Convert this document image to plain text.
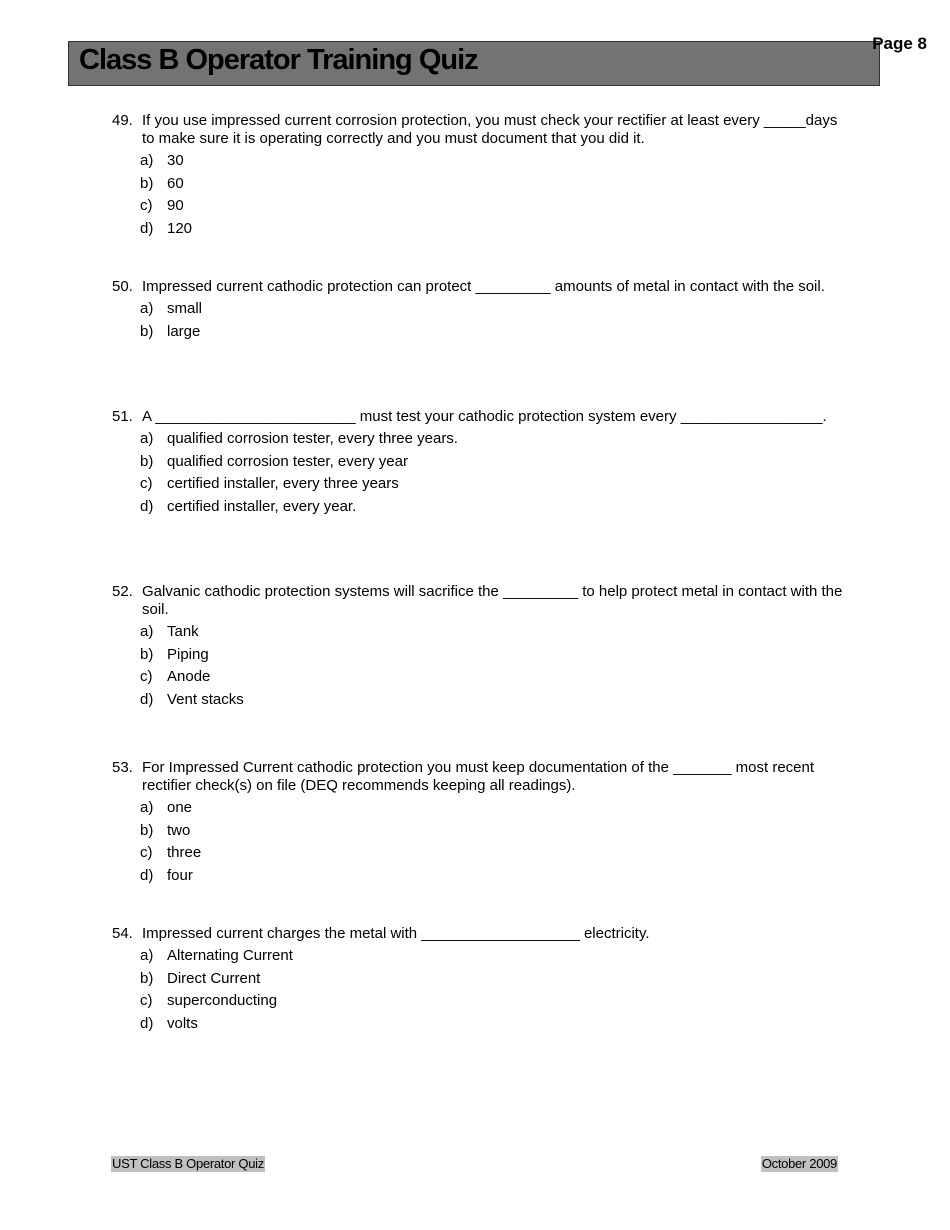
Class B Operator Training Quiz
Page 8
49. If you use impressed current corrosion protection, you must check your rectifier at least every _____days to make sure it is operating correctly and you must document that you did it.
a) 30
b) 60
c) 90
d) 120
50. Impressed current cathodic protection can protect _________ amounts of metal in contact with the soil.
a) small
b) large
51. A ________________________ must test your cathodic protection system every _________________.
a) qualified corrosion tester, every three years.
b) qualified corrosion tester, every year
c) certified installer, every three years
d) certified installer, every year.
52. Galvanic cathodic protection systems will sacrifice the _________ to help protect metal in contact with the soil.
a) Tank
b) Piping
c) Anode
d) Vent stacks
53. For Impressed Current cathodic protection you must keep documentation of the _______ most recent rectifier check(s) on file (DEQ recommends keeping all readings).
a) one
b) two
c) three
d) four
54. Impressed current charges the metal with ___________________ electricity.
a) Alternating Current
b) Direct Current
c) superconducting
d) volts
UST Class B Operator Quiz	October 2009
